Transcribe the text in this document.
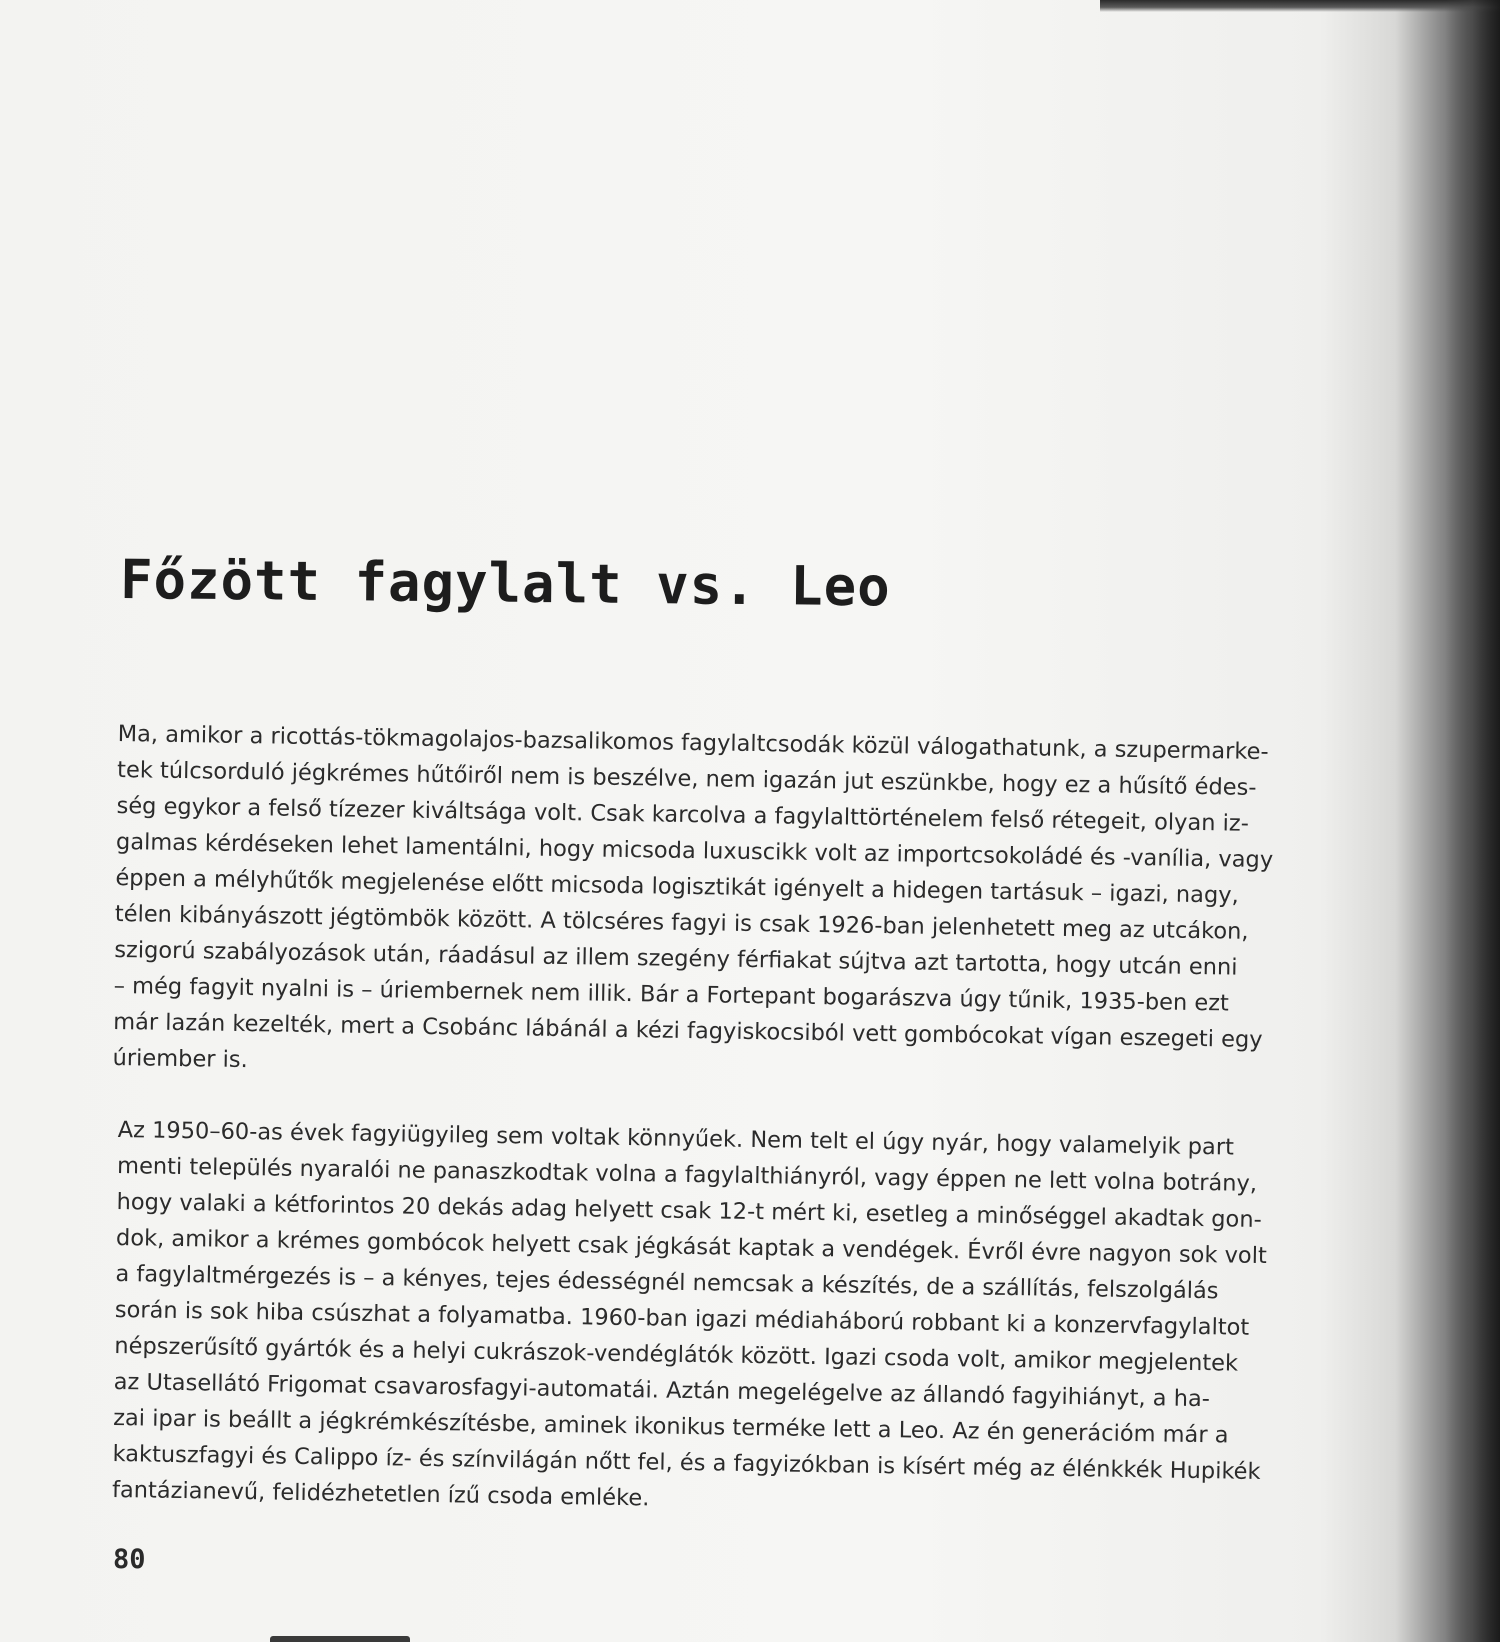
Főzött fagylalt vs. Leo
Ma, amikor a ricottás-tökmagolajos-bazsalikomos fagylaltcsodák közül válogathatunk, a szupermarke-
tek túlcsorduló jégkrémes hűtőiről nem is beszélve, nem igazán jut eszünkbe, hogy ez a hűsítő édes-
ség egykor a felső tízezer kiváltsága volt. Csak karcolva a fagylalttörténelem felső rétegeit, olyan iz-
galmas kérdéseken lehet lamentálni, hogy micsoda luxuscikk volt az importcsokoládé és -vanília, vagy
éppen a mélyhűtők megjelenése előtt micsoda logisztikát igényelt a hidegen tartásuk – igazi, nagy,
télen kibányászott jégtömbök között. A tölcséres fagyi is csak 1926-ban jelenhetett meg az utcákon,
szigorú szabályozások után, ráadásul az illem szegény férfiakat sújtva azt tartotta, hogy utcán enni
– még fagyit nyalni is – úriembernek nem illik. Bár a Fortepant bogarászva úgy tűnik, 1935-ben ezt
már lazán kezelték, mert a Csobánc lábánál a kézi fagyiskocsiból vett gombócokat vígan eszegeti egy
úriember is.
Az 1950–60-as évek fagyiügyileg sem voltak könnyűek. Nem telt el úgy nyár, hogy valamelyik part
menti település nyaralói ne panaszkodtak volna a fagylalthiányról, vagy éppen ne lett volna botrány,
hogy valaki a kétforintos 20 dekás adag helyett csak 12-t mért ki, esetleg a minőséggel akadtak gon-
dok, amikor a krémes gombócok helyett csak jégkását kaptak a vendégek. Évről évre nagyon sok volt
a fagylaltmérgezés is – a kényes, tejes édességnél nemcsak a készítés, de a szállítás, felszolgálás
során is sok hiba csúszhat a folyamatba. 1960-ban igazi médiaháború robbant ki a konzervfagylaltot
népszerűsítő gyártók és a helyi cukrászok-vendéglátók között. Igazi csoda volt, amikor megjelentek
az Utasellátó Frigomat csavarosfagyi-automatái. Aztán megelégelve az állandó fagyihiányt, a ha-
zai ipar is beállt a jégkrémkészítésbe, aminek ikonikus terméke lett a Leo. Az én generációm már a
kaktuszfagyi és Calippo íz- és színvilágán nőtt fel, és a fagyizókban is kísért még az élénkkék Hupikék
fantázianevű, felidézhetetlen ízű csoda emléke.

80
